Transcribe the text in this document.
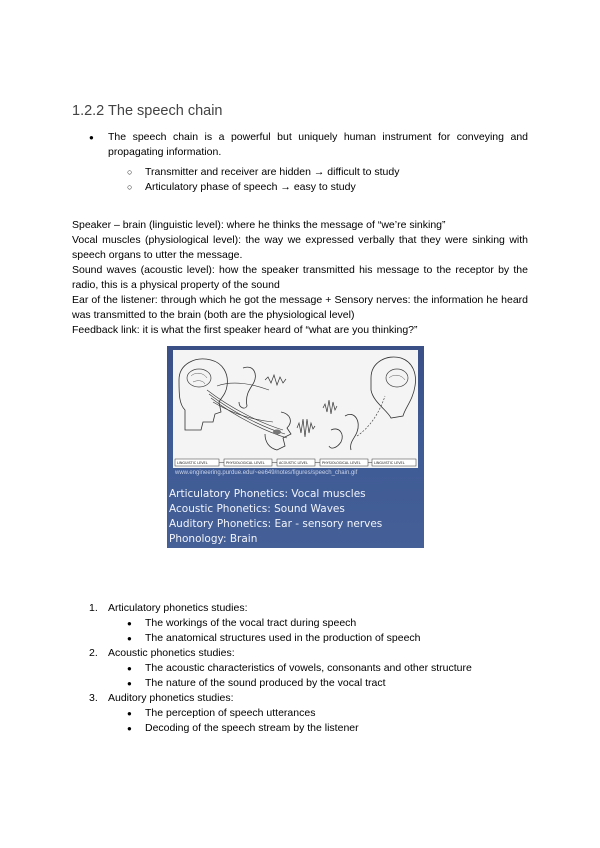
1.2.2 The speech chain
● The speech chain is a powerful but uniquely human instrument for conveying and propagating information.
○ Transmitter and receiver are hidden → difficult to study
○ Articulatory phase of speech → easy to study

Speaker – brain (linguistic level): where he thinks the message of “we’re sinking”

Vocal muscles (physiological level): the way we expressed verbally that they were sinking with speech organs to utter the message.

Sound waves (acoustic level): how the speaker transmitted his message to the receptor by the radio, this is a physical property of the sound

Ear of the listener: through which he got the message + Sensory nerves: the information he heard was transmitted to the brain (both are the physiological level)

Feedback link: it is what the first speaker heard of “what are you thinking?”

LINGUISTIC LEVEL	PHYSIOLOGICAL LEVEL	ACOUSTIC LEVEL	PHYSIOLOGICAL LEVEL	LINGUISTIC LEVEL
www.engineering.purdue.edu/~ee649/notes/figures/speech_chain.gif
Articulatory Phonetics: Vocal muscles
Acoustic Phonetics: Sound Waves
Auditory Phonetics: Ear - sensory nerves
Phonology: Brain
1. Articulatory phonetics studies:
● The workings of the vocal tract during speech
● The anatomical structures used in the production of speech
2. Acoustic phonetics studies:
● The acoustic characteristics of vowels, consonants and other structure
● The nature of the sound produced by the vocal tract
3. Auditory phonetics studies:
● The perception of speech utterances
● Decoding of the speech stream by the listener
